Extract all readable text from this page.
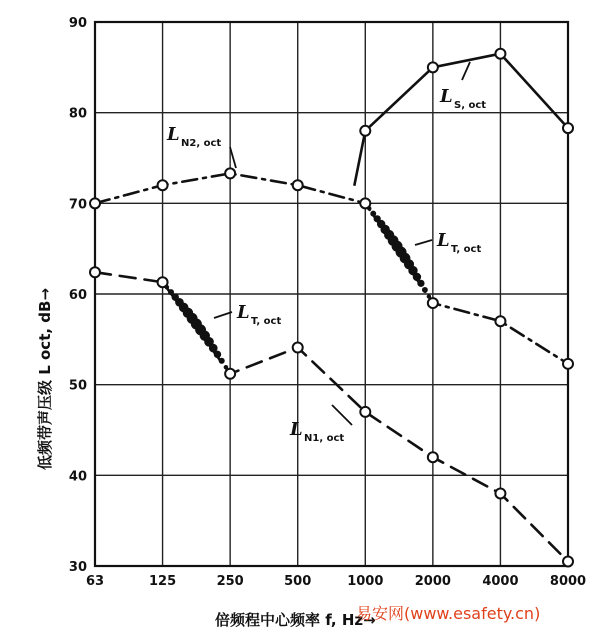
30
40
50
60
70
80
90
63	125	250	500	1000 2000 4000 8000
L N2, oct
L S, oct
L T, oct
L T, oct
L N1, oct
低频带声压级 L oct, dB→
倍频程中心频率 f, Hz→
易安网(www.esafety.cn)
